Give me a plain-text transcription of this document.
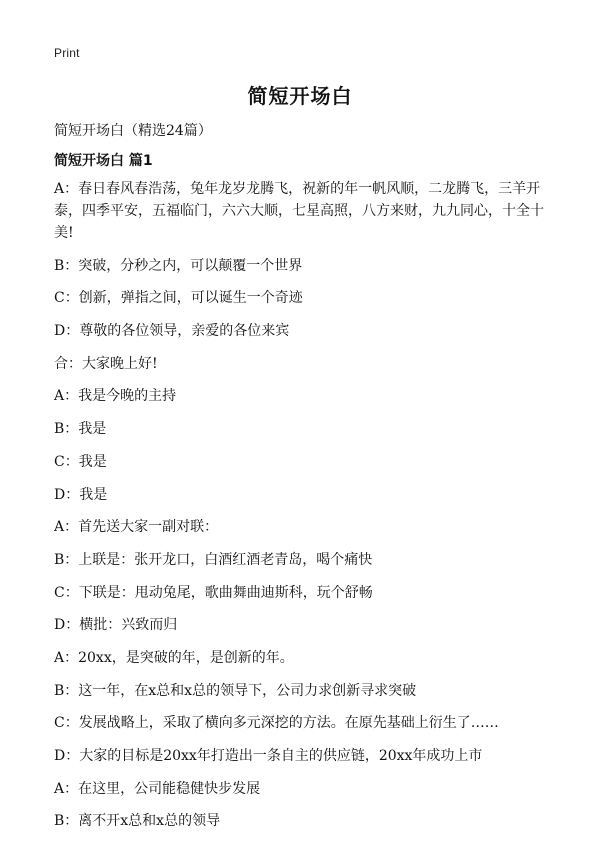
Print
简短开场白
简短开场白（精选24篇）
简短开场白 篇1

A：春日春风春浩荡，兔年龙岁龙腾飞，祝新的年一帆风顺，二龙腾飞，三羊开泰，四季平安，五福临门，六六大顺，七星高照，八方来财，九九同心，十全十美!

B：突破，分秒之内，可以颠覆一个世界

C：创新，弹指之间，可以诞生一个奇迹

D：尊敬的各位领导，亲爱的各位来宾

合：大家晚上好!

A：我是今晚的主持

B：我是

C：我是

D：我是

A：首先送大家一副对联：

B：上联是：张开龙口，白酒红酒老青岛，喝个痛快

C：下联是：甩动兔尾，歌曲舞曲迪斯科，玩个舒畅

D：横批：兴致而归

A：20xx，是突破的年，是创新的年。

B：这一年，在x总和x总的领导下，公司力求创新寻求突破

C：发展战略上，采取了横向多元深挖的方法。在原先基础上衍生了……

D：大家的目标是20xx年打造出一条自主的供应链，20xx年成功上市

A：在这里，公司能稳健快步发展

B：离不开x总和x总的领导
